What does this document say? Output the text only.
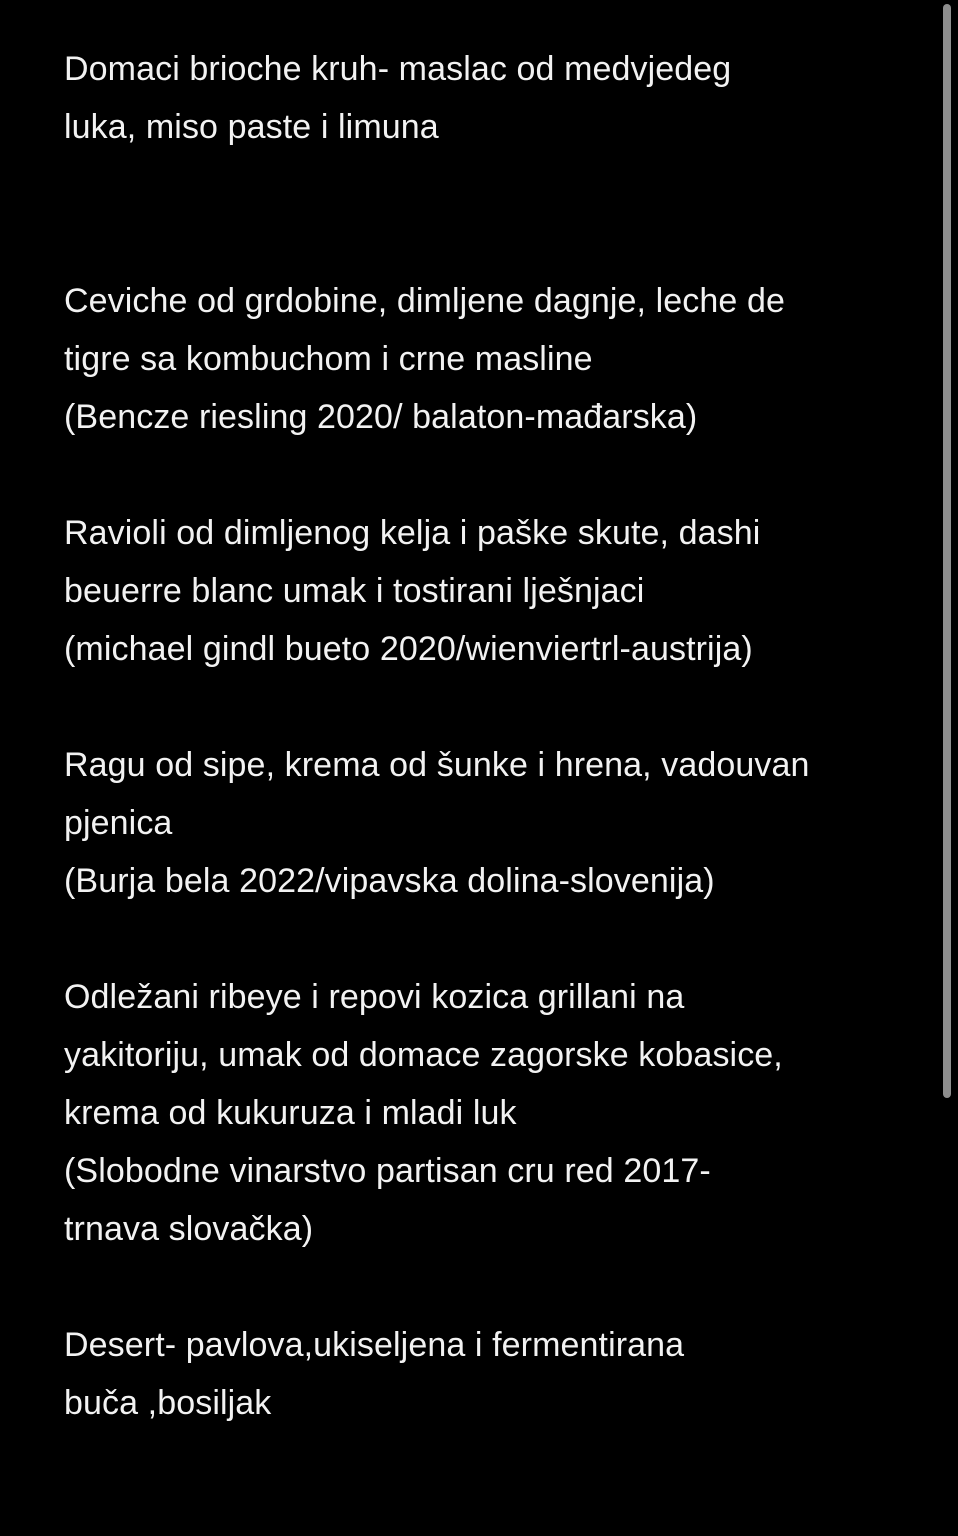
Domaci brioche kruh- maslac od medvjedeg
luka, miso paste i limuna
Ceviche od grdobine, dimljene dagnje, leche de
tigre sa kombuchom i crne masline
(Bencze riesling 2020/ balaton-mađarska)
Ravioli od dimljenog kelja i paške skute, dashi
beuerre blanc umak i tostirani lješnjaci
(michael gindl bueto 2020/wienviertrl-austrija)
Ragu od sipe, krema od šunke i hrena, vadouvan
pjenica
(Burja bela 2022/vipavska dolina-slovenija)
Odležani ribeye i repovi kozica grillani na
yakitoriju, umak od domace zagorske kobasice,
krema od kukuruza i mladi luk
(Slobodne vinarstvo partisan cru red 2017-
trnava slovačka)
Desert- pavlova,ukiseljena i fermentirana
buča ,bosiljak
